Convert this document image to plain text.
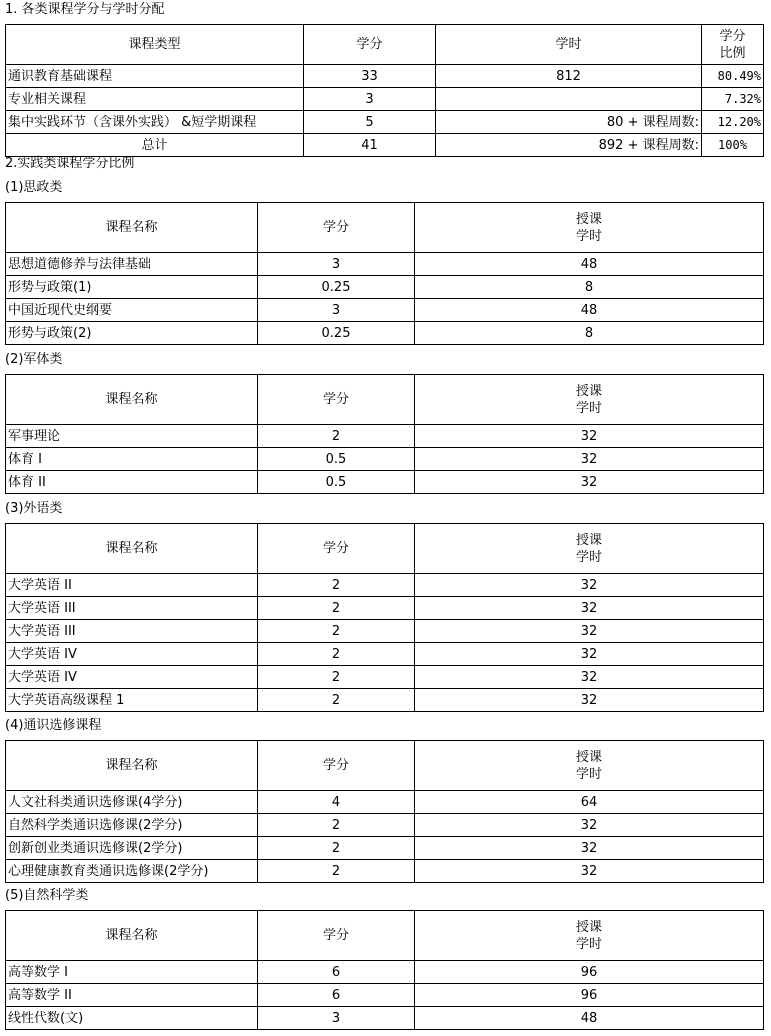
1. 各类课程学分与学时分配
课程类型	学分	学时	学分
比例

通识教育基础课程	33	812	80.49%
专业相关课程	3		7.32%
集中实践环节（含课外实践） &短学期课程	5	80 + 课程周数:	12.20%
总计	41	892 + 课程周数:	100%
2.实践类课程学分比例
(1)思政类
课程名称	学分	授课
学时

思想道德修养与法律基础	3	48
形势与政策(1)	0.25	8
中国近现代史纲要	3	48
形势与政策(2)	0.25	8
(2)军体类
课程名称	学分	授课
学时

军事理论	2	32
体育 I	0.5	32
体育 II	0.5	32
(3)外语类
课程名称	学分	授课
学时

大学英语 II	2	32
大学英语 III	2	32
大学英语 III	2	32
大学英语 IV	2	32
大学英语 IV	2	32
大学英语高级课程 1	2	32
(4)通识选修课程
课程名称	学分	授课
学时

人文社科类通识选修课(4学分)	4	64
自然科学类通识选修课(2学分)	2	32
创新创业类通识选修课(2学分)	2	32
心理健康教育类通识选修课(2学分)	2	32
(5)自然科学类
课程名称	学分	授课
学时

高等数学 I	6	96
高等数学 II	6	96
线性代数(文)	3	48
